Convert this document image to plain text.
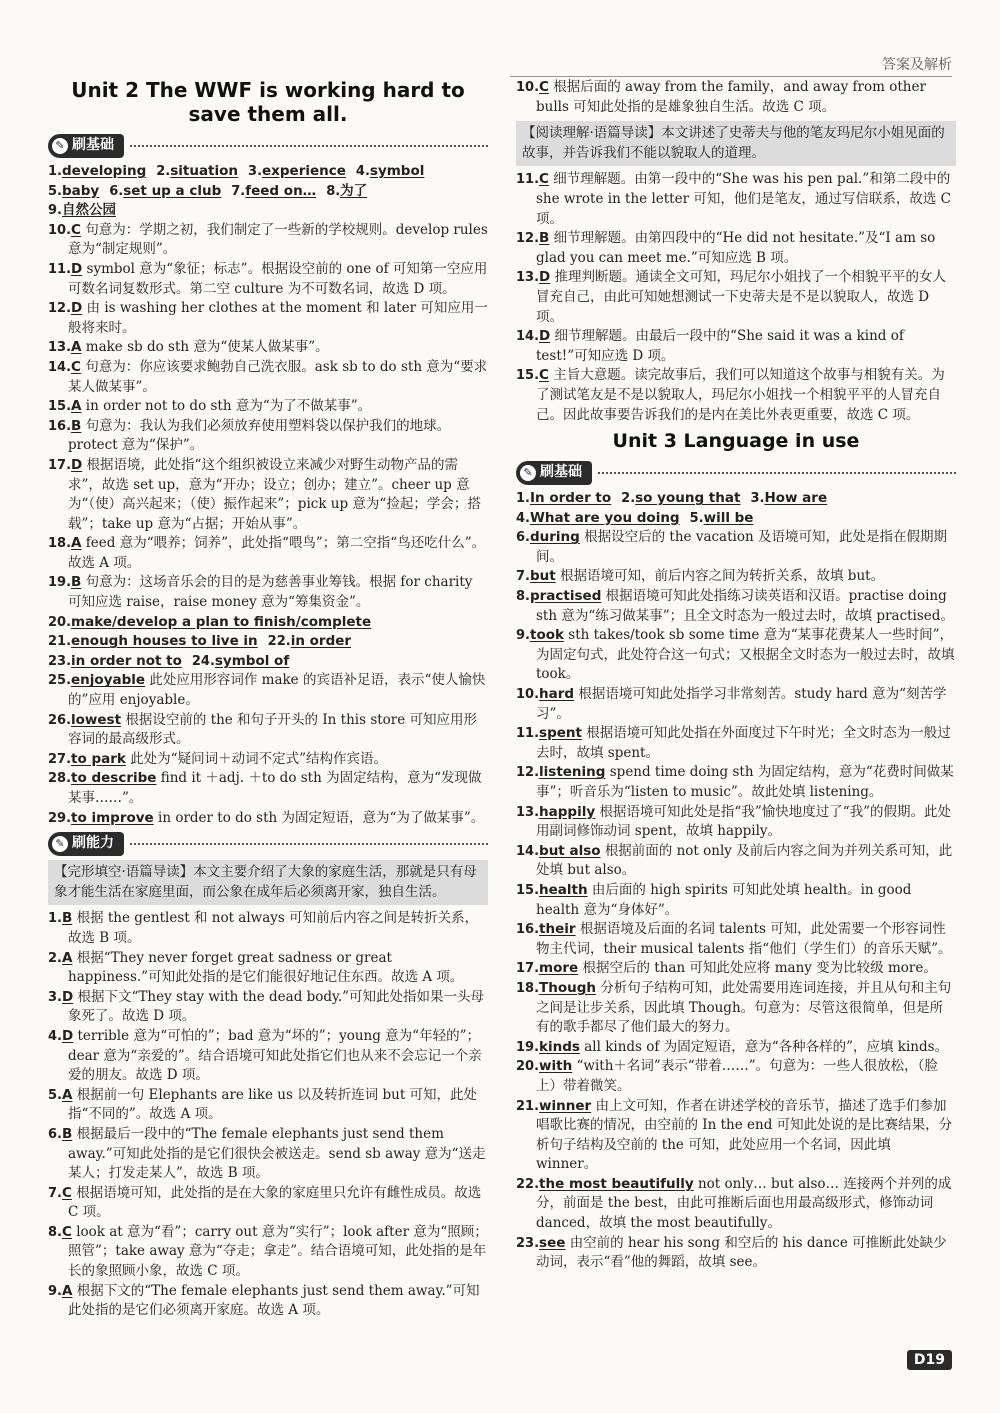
答案及解析
Unit 2 The WWF is working hard to save them all.
✎ 刷基础
1.developing 2.situation 3.experience 4.symbol
5.baby 6.set up a club 7.feed on… 8.为了
9.自然公园
10.C 句意为：学期之初，我们制定了一些新的学校规则。develop rules 意为“制定规则”。
11.D symbol 意为“象征；标志”。根据设空前的 one of 可知第一空应用可数名词复数形式。第二空 culture 为不可数名词，故选 D 项。
12.D 由 is washing her clothes at the moment 和 later 可知应用一般将来时。
13.A make sb do sth 意为“使某人做某事”。
14.C 句意为：你应该要求鲍勃自己洗衣服。ask sb to do sth 意为“要求某人做某事”。
15.A in order not to do sth 意为“为了不做某事”。
16.B 句意为：我认为我们必须放弃使用塑料袋以保护我们的地球。protect 意为“保护”。
17.D 根据语境，此处指“这个组织被设立来减少对野生动物产品的需求”，故选 set up，意为“开办；设立；创办；建立”。cheer up 意为“（使）高兴起来；（使）振作起来”；pick up 意为“捡起；学会；搭载”；take up 意为“占据；开始从事”。
18.A feed 意为“喂养；饲养”，此处指“喂鸟”；第二空指“鸟还吃什么”。故选 A 项。
19.B 句意为：这场音乐会的目的是为慈善事业筹钱。根据 for charity 可知应选 raise，raise money 意为“筹集资金”。
20.make/develop a plan to finish/complete
21.enough houses to live in 22.in order
23.in order not to 24.symbol of
25.enjoyable 此处应用形容词作 make 的宾语补足语，表示“使人愉快的”应用 enjoyable。
26.lowest 根据设空前的 the 和句子开头的 In this store 可知应用形容词的最高级形式。
27.to park 此处为“疑问词＋动词不定式”结构作宾语。
28.to describe find it ＋adj. ＋to do sth 为固定结构，意为“发现做某事……”。
29.to improve in order to do sth 为固定短语，意为“为了做某事”。
✎ 刷能力
【完形填空·语篇导读】本文主要介绍了大象的家庭生活，那就是只有母象才能生活在家庭里面，而公象在成年后必须离开家，独自生活。
1.B 根据 the gentlest 和 not always 可知前后内容之间是转折关系，故选 B 项。
2.A 根据“They never forget great sadness or great happiness.”可知此处指的是它们能很好地记住东西。故选 A 项。
3.D 根据下文“They stay with the dead body.”可知此处指如果一头母象死了。故选 D 项。
4.D terrible 意为“可怕的”；bad 意为“坏的”；young 意为“年轻的”；dear 意为“亲爱的”。结合语境可知此处指它们也从来不会忘记一个亲爱的朋友。故选 D 项。
5.A 根据前一句 Elephants are like us 以及转折连词 but 可知，此处指“不同的”。故选 A 项。
6.B 根据最后一段中的“The female elephants just send them away.”可知此处指的是它们很快会被送走。send sb away 意为“送走某人；打发走某人”，故选 B 项。
7.C 根据语境可知，此处指的是在大象的家庭里只允许有雌性成员。故选 C 项。
8.C look at 意为“看”；carry out 意为“实行”；look after 意为“照顾；照管”；take away 意为“夺走；拿走”。结合语境可知，此处指的是年长的象照顾小象，故选 C 项。
9.A 根据下文的“The female elephants just send them away.”可知此处指的是它们必须离开家庭。故选 A 项。
10.C 根据后面的 away from the family，and away from other bulls 可知此处指的是雄象独自生活。故选 C 项。
【阅读理解·语篇导读】本文讲述了史蒂夫与他的笔友玛尼尔小姐见面的故事，并告诉我们不能以貌取人的道理。
11.C 细节理解题。由第一段中的“She was his pen pal.”和第二段中的 she wrote in the letter 可知，他们是笔友，通过写信联系，故选 C 项。
12.B 细节理解题。由第四段中的“He did not hesitate.”及“I am so glad you can meet me.”可知应选 B 项。
13.D 推理判断题。通读全文可知，玛尼尔小姐找了一个相貌平平的女人冒充自己，由此可知她想测试一下史蒂夫是不是以貌取人，故选 D 项。
14.D 细节理解题。由最后一段中的“She said it was a kind of test!”可知应选 D 项。
15.C 主旨大意题。读完故事后，我们可以知道这个故事与相貌有关。为了测试笔友是不是以貌取人，玛尼尔小姐找一个相貌平平的人冒充自己。因此故事要告诉我们的是内在美比外表更重要，故选 C 项。
Unit 3 Language in use
✎ 刷基础
1.In order to 2.so young that 3.How are
4.What are you doing 5.will be
6.during 根据设空后的 the vacation 及语境可知，此处是指在假期期间。
7.but 根据语境可知，前后内容之间为转折关系，故填 but。
8.practised 根据语境可知此处指练习读英语和汉语。practise doing sth 意为“练习做某事”；且全文时态为一般过去时，故填 practised。
9.took sth takes/took sb some time 意为“某事花费某人一些时间”，为固定句式，此处符合这一句式；又根据全文时态为一般过去时，故填 took。
10.hard 根据语境可知此处指学习非常刻苦。study hard 意为“刻苦学习”。
11.spent 根据语境可知此处指在外面度过下午时光；全文时态为一般过去时，故填 spent。
12.listening spend time doing sth 为固定结构，意为“花费时间做某事”；听音乐为“listen to music”。故此处填 listening。
13.happily 根据语境可知此处是指“我”愉快地度过了“我”的假期。此处用副词修饰动词 spent，故填 happily。
14.but also 根据前面的 not only 及前后内容之间为并列关系可知，此处填 but also。
15.health 由后面的 high spirits 可知此处填 health。in good health 意为“身体好”。
16.their 根据语境及后面的名词 talents 可知，此处需要一个形容词性物主代词，their musical talents 指“他们（学生们）的音乐天赋”。
17.more 根据空后的 than 可知此处应将 many 变为比较级 more。
18.Though 分析句子结构可知，此处需要用连词连接，并且从句和主句之间是让步关系，因此填 Though。句意为：尽管这很简单，但是所有的歌手都尽了他们最大的努力。
19.kinds all kinds of 为固定短语，意为“各种各样的”，应填 kinds。
20.with “with＋名词”表示“带着……”。句意为：一些人很放松，（脸上）带着微笑。
21.winner 由上文可知，作者在讲述学校的音乐节，描述了选手们参加唱歌比赛的情况，由空前的 In the end 可知此处说的是比赛结果，分析句子结构及空前的 the 可知，此处应用一个名词，因此填 winner。
22.the most beautifully not only… but also… 连接两个并列的成分，前面是 the best，由此可推断后面也用最高级形式，修饰动词 danced，故填 the most beautifully。
23.see 由空前的 hear his song 和空后的 his dance 可推断此处缺少动词，表示“看”他的舞蹈，故填 see。
D19
